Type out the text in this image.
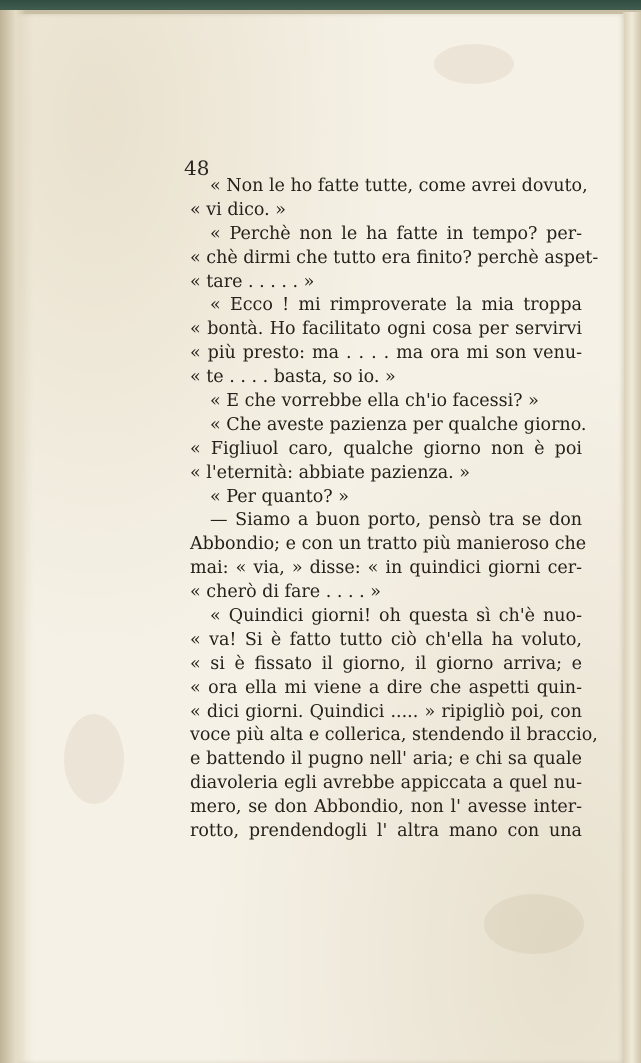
48

« Non le ho fatte tutte, come avrei dovuto,
« vi dico. »
« Perchè non le ha fatte in tempo? per-
« chè dirmi che tutto era finito? perchè aspet-
« tare . . . . . »
« Ecco ! mi rimproverate la mia troppa
« bontà. Ho facilitato ogni cosa per servirvi
« più presto: ma . . . . ma ora mi son venu-
« te . . . . basta, so io. »
« E che vorrebbe ella ch'io facessi? »
« Che aveste pazienza per qualche giorno.
« Figliuol caro, qualche giorno non è poi
« l'eternità: abbiate pazienza. »
« Per quanto? »
— Siamo a buon porto, pensò tra se don
Abbondio; e con un tratto più manieroso che
mai: « via, » disse: « in quindici giorni cer-
« cherò di fare . . . . »
« Quindici giorni! oh questa sì ch'è nuo-
« va! Si è fatto tutto ciò ch'ella ha voluto,
« si è fissato il giorno, il giorno arriva; e
« ora ella mi viene a dire che aspetti quin-
« dici giorni. Quindici ..... » ripigliò poi, con
voce più alta e collerica, stendendo il braccio,
e battendo il pugno nell' aria; e chi sa quale
diavoleria egli avrebbe appiccata a quel nu-
mero, se don Abbondio, non l' avesse inter-
rotto, prendendogli l' altra mano con una
